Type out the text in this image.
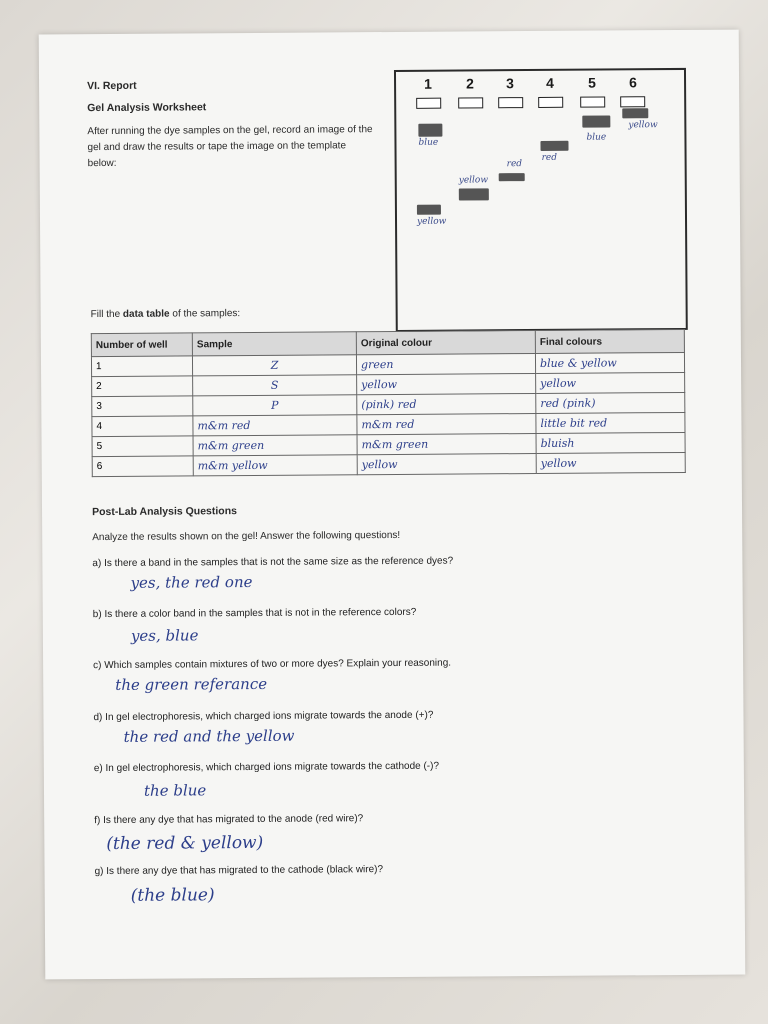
VI. Report
Gel Analysis Worksheet
After running the dye samples on the gel, record an image of the gel and draw the results or tape the image on the template below:
1 2 3 4 5 6
blue
yellow
yellow
red
red
blue
yellow
Fill the data table of the samples:
Number of well	Sample	Original colour	Final colours
1	Z	green	blue & yellow
2	S	yellow	yellow
3	P	(pink) red	red (pink)
4	m&m red	m&m red	little bit red
5	m&m green	m&m green	bluish
6	m&m yellow	yellow	yellow
Post-Lab Analysis Questions
Analyze the results shown on the gel! Answer the following questions!
a) Is there a band in the samples that is not the same size as the reference dyes?
yes, the red one
b) Is there a color band in the samples that is not in the reference colors?
yes, blue
c) Which samples contain mixtures of two or more dyes? Explain your reasoning.
the green referance
d) In gel electrophoresis, which charged ions migrate towards the anode (+)?
the red and the yellow
e) In gel electrophoresis, which charged ions migrate towards the cathode (-)?
the blue
f) Is there any dye that has migrated to the anode (red wire)?
(the red & yellow)
g) Is there any dye that has migrated to the cathode (black wire)?
(the blue)
